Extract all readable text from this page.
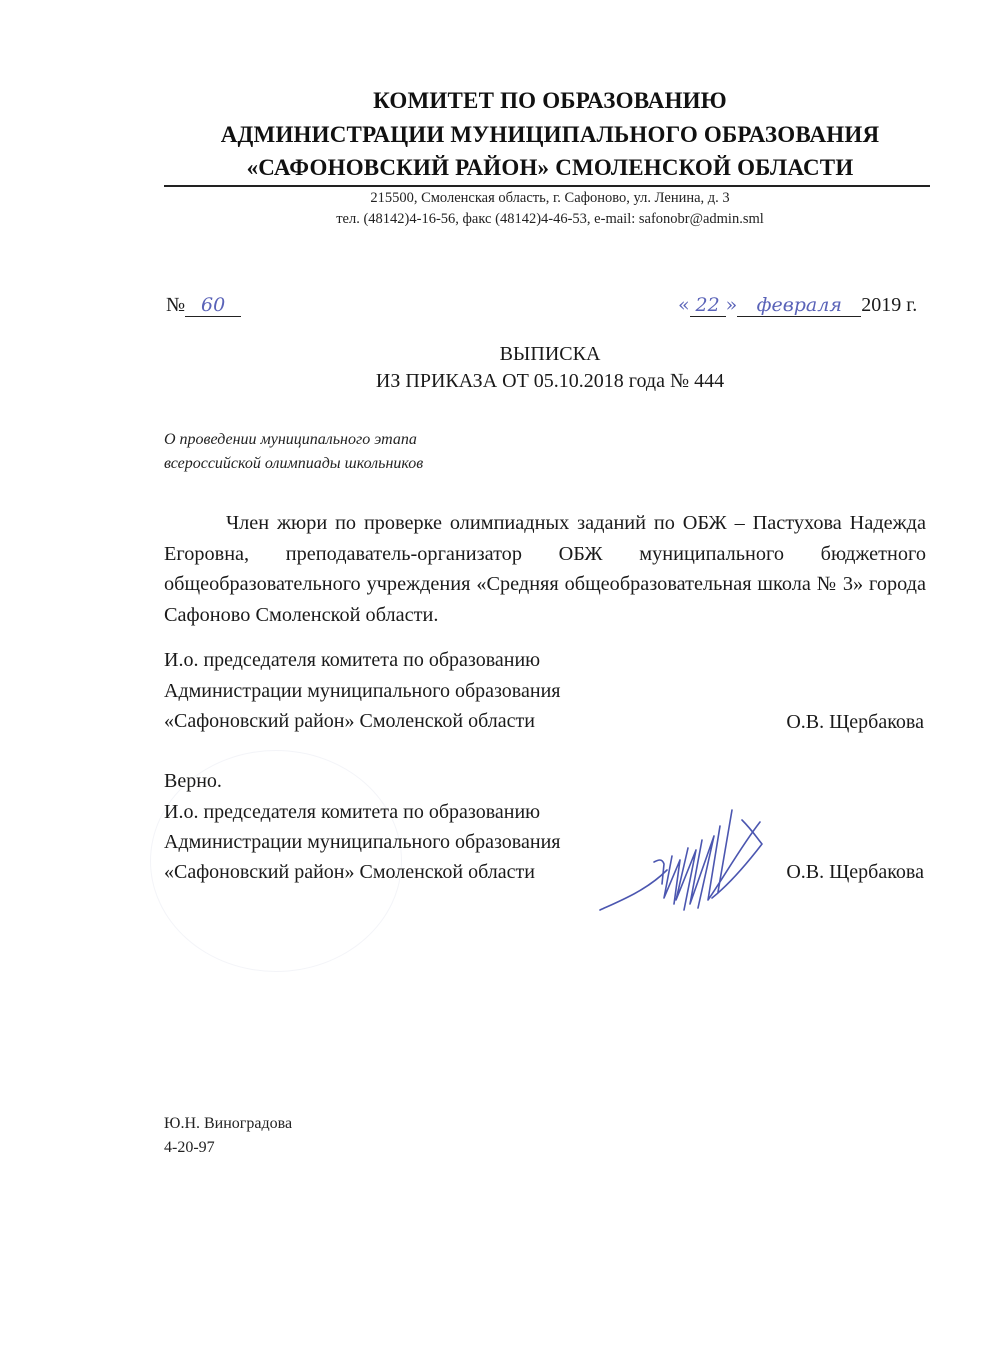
КОМИТЕТ ПО ОБРАЗОВАНИЮ
АДМИНИСТРАЦИИ МУНИЦИПАЛЬНОГО ОБРАЗОВАНИЯ
«САФОНОВСКИЙ РАЙОН» СМОЛЕНСКОЙ ОБЛАСТИ
215500, Смоленская область, г. Сафоново, ул. Ленина, д. 3
тел. (48142)4-16-56, факс (48142)4-46-53, e-mail: safonobr@admin.sml
№ 60	« 22 » февраля 2019 г.
ВЫПИСКА
ИЗ ПРИКАЗА ОТ 05.10.2018 года № 444
О проведении муниципального этапа
всероссийской олимпиады школьников
Член жюри по проверке олимпиадных заданий по ОБЖ – Пастухова Надежда Егоровна, преподаватель-организатор ОБЖ муниципального бюджетного общеобразовательного учреждения «Средняя общеобразовательная школа № 3» города Сафоново Смоленской области.
И.о. председателя комитета по образованию
Администрации муниципального образования
«Сафоновский район» Смоленской области	О.В. Щербакова
Верно.
И.о. председателя комитета по образованию
Администрации муниципального образования
«Сафоновский район» Смоленской области	О.В. Щербакова
Ю.Н. Виноградова
4-20-97
